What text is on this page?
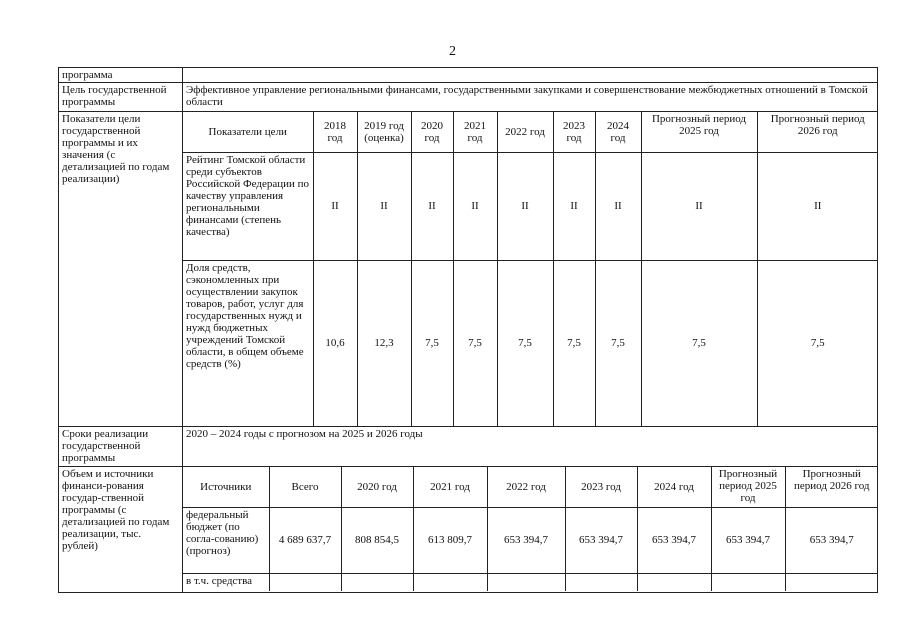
2
программа	
Цель государственной программы	Эффективное управление региональными финансами, государственными закупками и совершенствование межбюджетных отношений в Томской области
Показатели цели государственной программы и их значения (с детализацией по годам реализации)	
Показатели цели	2018 год	2019 год (оценка)	2020 год	2021 год	2022 год	2023 год	2024 год	Прогнозный период 2025 год	Прогнозный период 2026 год
Рейтинг Томской области среди субъектов Российской Федерации по качеству управления региональными финансами (степень качества)	II	II	II	II	II	II	II	II	II
Доля средств, сэкономленных при осуществлении закупок товаров, работ, услуг для государственных нужд и нужд бюджетных учреждений Томской области, в общем объеме средств (%)	10,6	12,3	7,5	7,5	7,5	7,5	7,5	7,5	7,5

Сроки реализации государственной программы	2020 – 2024 годы с прогнозом на 2025 и 2026 годы
Объем и источники финанси-рования государ-ственной программы (с детализацией по годам реализации, тыс. рублей)	
Источники	Всего	2020 год	2021 год	2022 год	2023 год	2024 год	Прогнозный период 2025 год	Прогнозный период 2026 год
федеральный бюджет (по согла-сованию) (прогноз)	4 689 637,7	808 854,5	613 809,7	653 394,7	653 394,7	653 394,7	653 394,7	653 394,7
в т.ч. средства								
